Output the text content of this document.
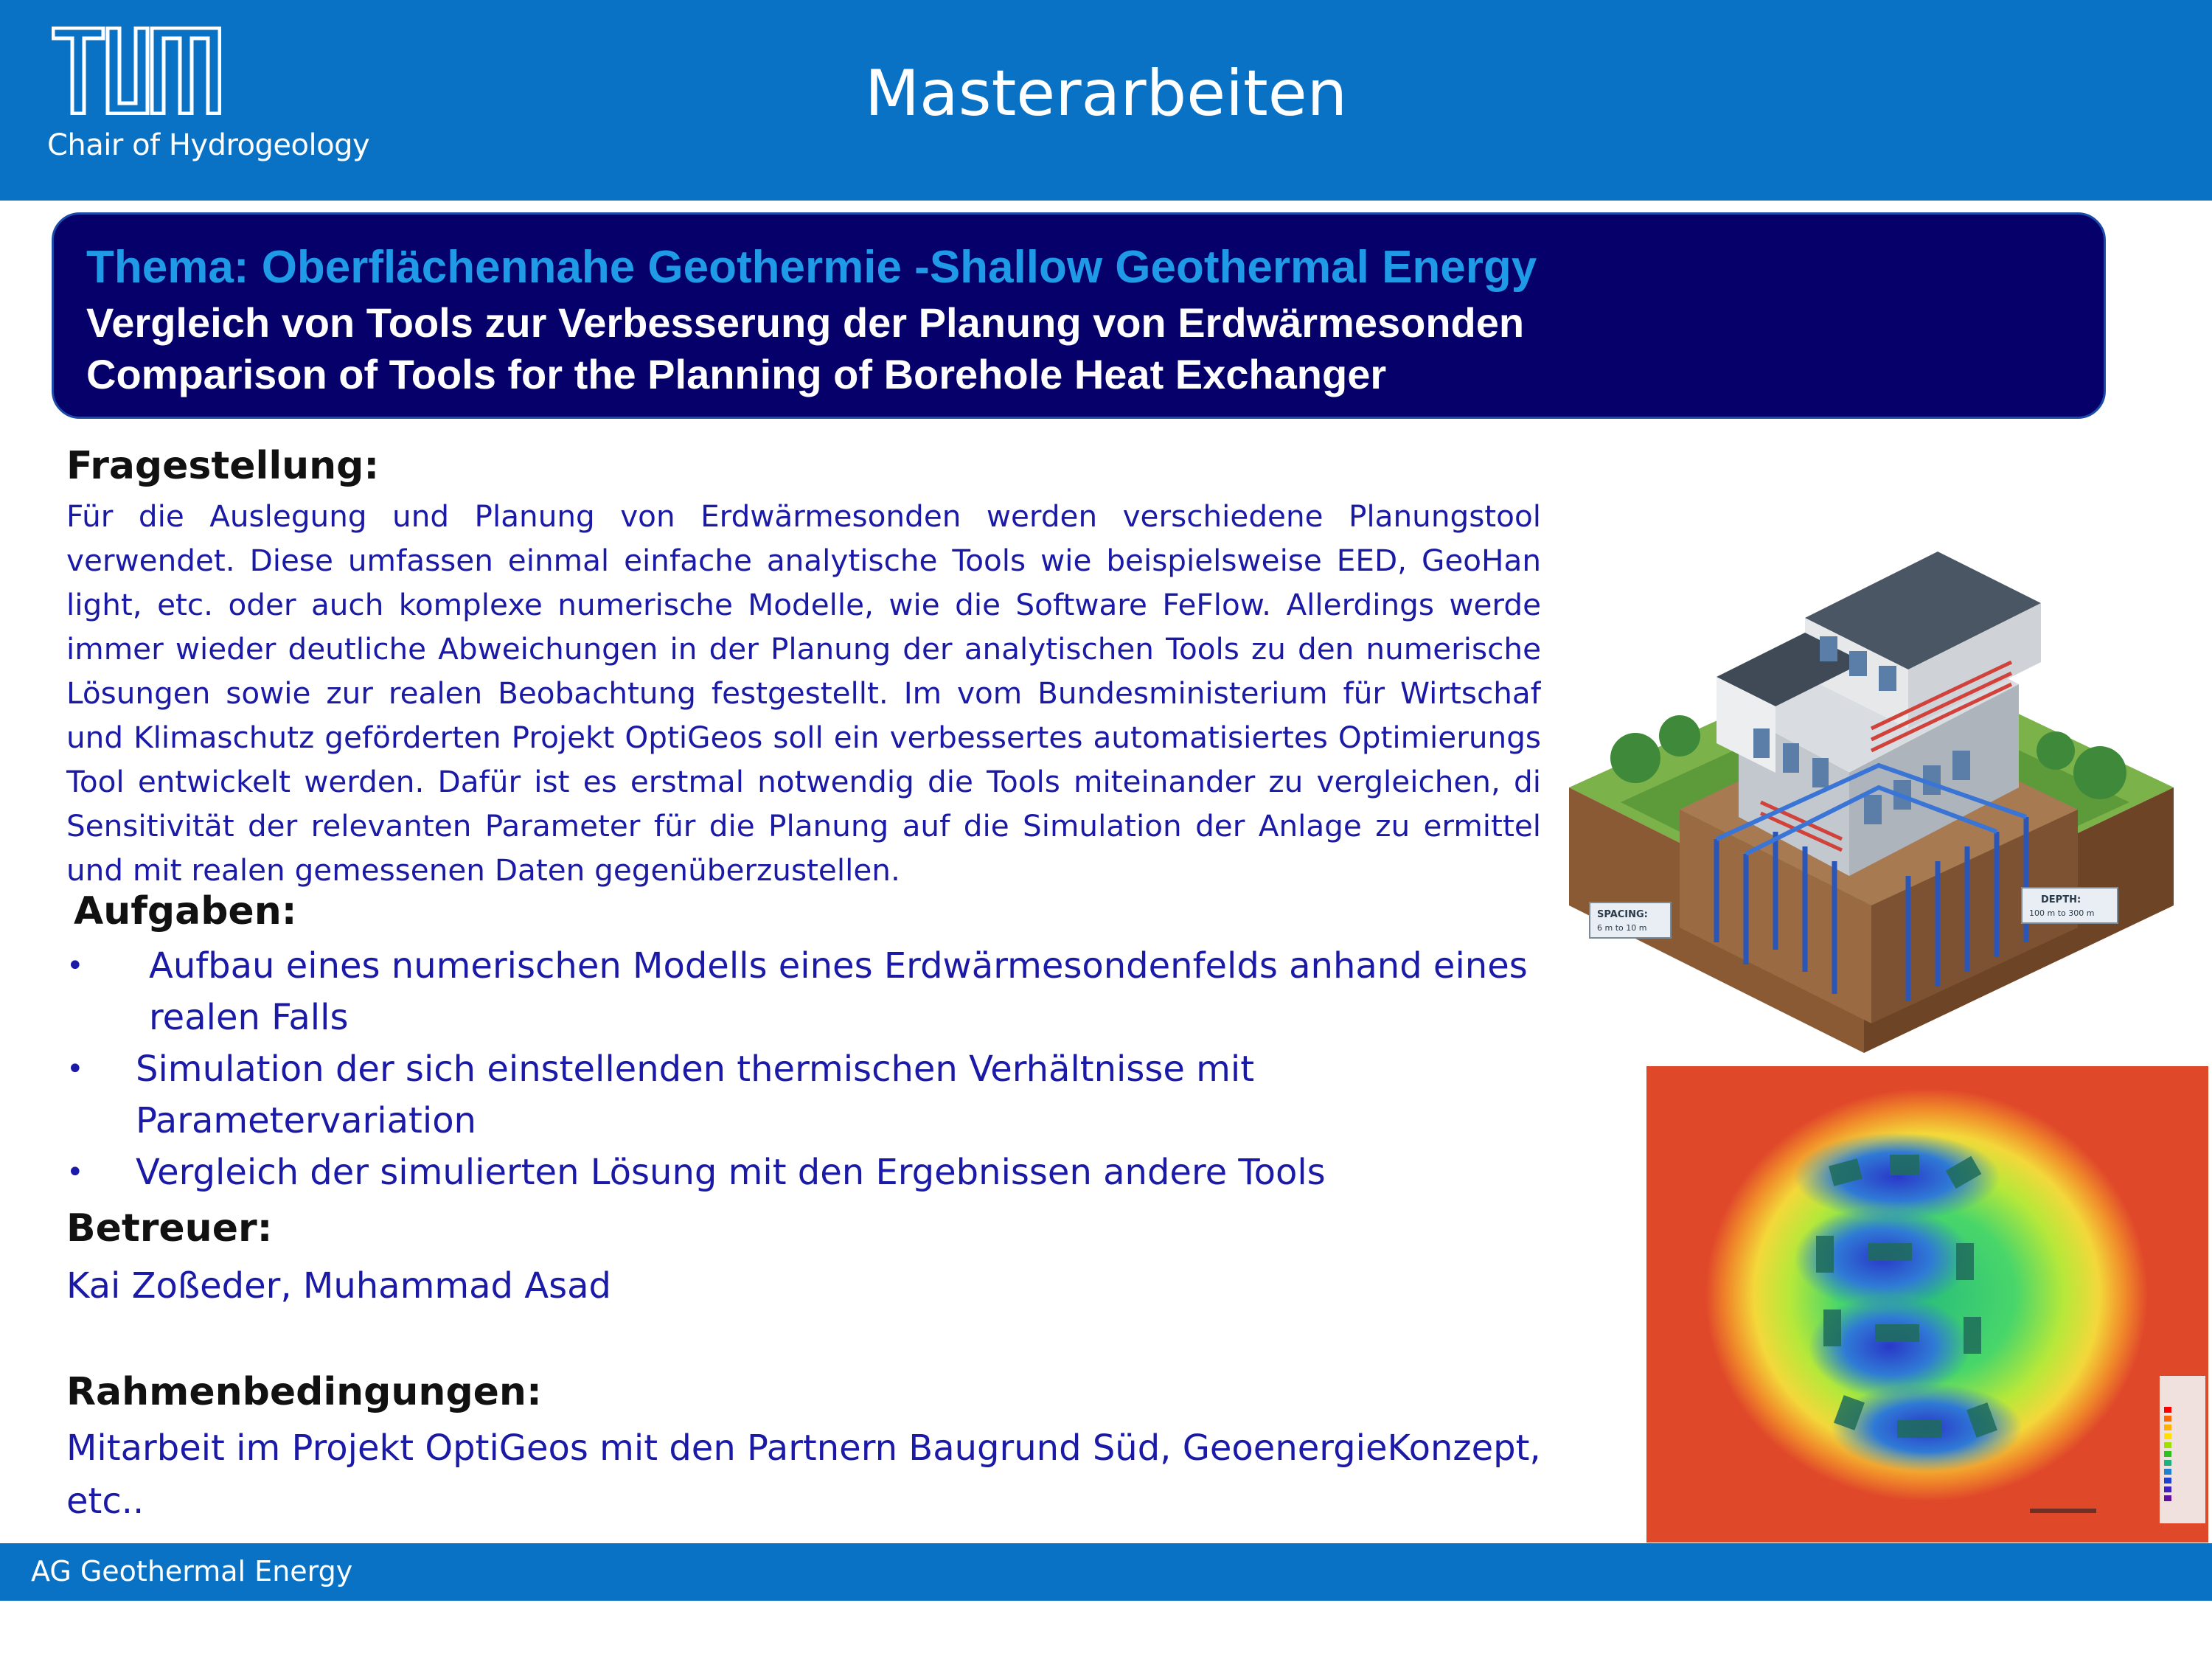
Chair of Hydrogeology
Masterarbeiten
Thema: Oberflächennahe Geothermie -Shallow Geothermal Energy
Vergleich von Tools zur Verbesserung der Planung von Erdwärmesonden
Comparison of Tools for the Planning of Borehole Heat Exchanger
Fragestellung:
Für die Auslegung und Planung von Erdwärmesonden werden verschiedene Planungstool verwendet. Diese umfassen einmal einfache analytische Tools wie beispielsweise EED, GeoHan light, etc. oder auch komplexe numerische Modelle, wie die Software FeFlow. Allerdings werde immer wieder deutliche Abweichungen in der Planung der analytischen Tools zu den numerische Lösungen sowie zur realen Beobachtung festgestellt. Im vom Bundesministerium für Wirtschaf und Klimaschutz geförderten Projekt OptiGeos soll ein verbessertes automatisiertes Optimierungs Tool entwickelt werden. Dafür ist es erstmal notwendig die Tools miteinander zu vergleichen, di Sensitivität der relevanten Parameter für die Planung auf die Simulation der Anlage zu ermittel und mit realen gemessenen Daten gegenüberzustellen.
Aufgaben:
• Aufbau eines numerischen Modells eines Erdwärmesondenfelds anhand eines realen Falls
• Simulation der sich einstellenden thermischen Verhältnisse mit Parametervariation
• Vergleich der simulierten Lösung mit den Ergebnissen andere Tools
Betreuer:
Kai Zoßeder, Muhammad Asad
Rahmenbedingungen:
Mitarbeit im Projekt OptiGeos mit den Partnern Baugrund Süd, GeoenergieKonzept, etc..
SPACING:
6 m to 10 m
DEPTH:
100 m to 300 m
AG Geothermal Energy
